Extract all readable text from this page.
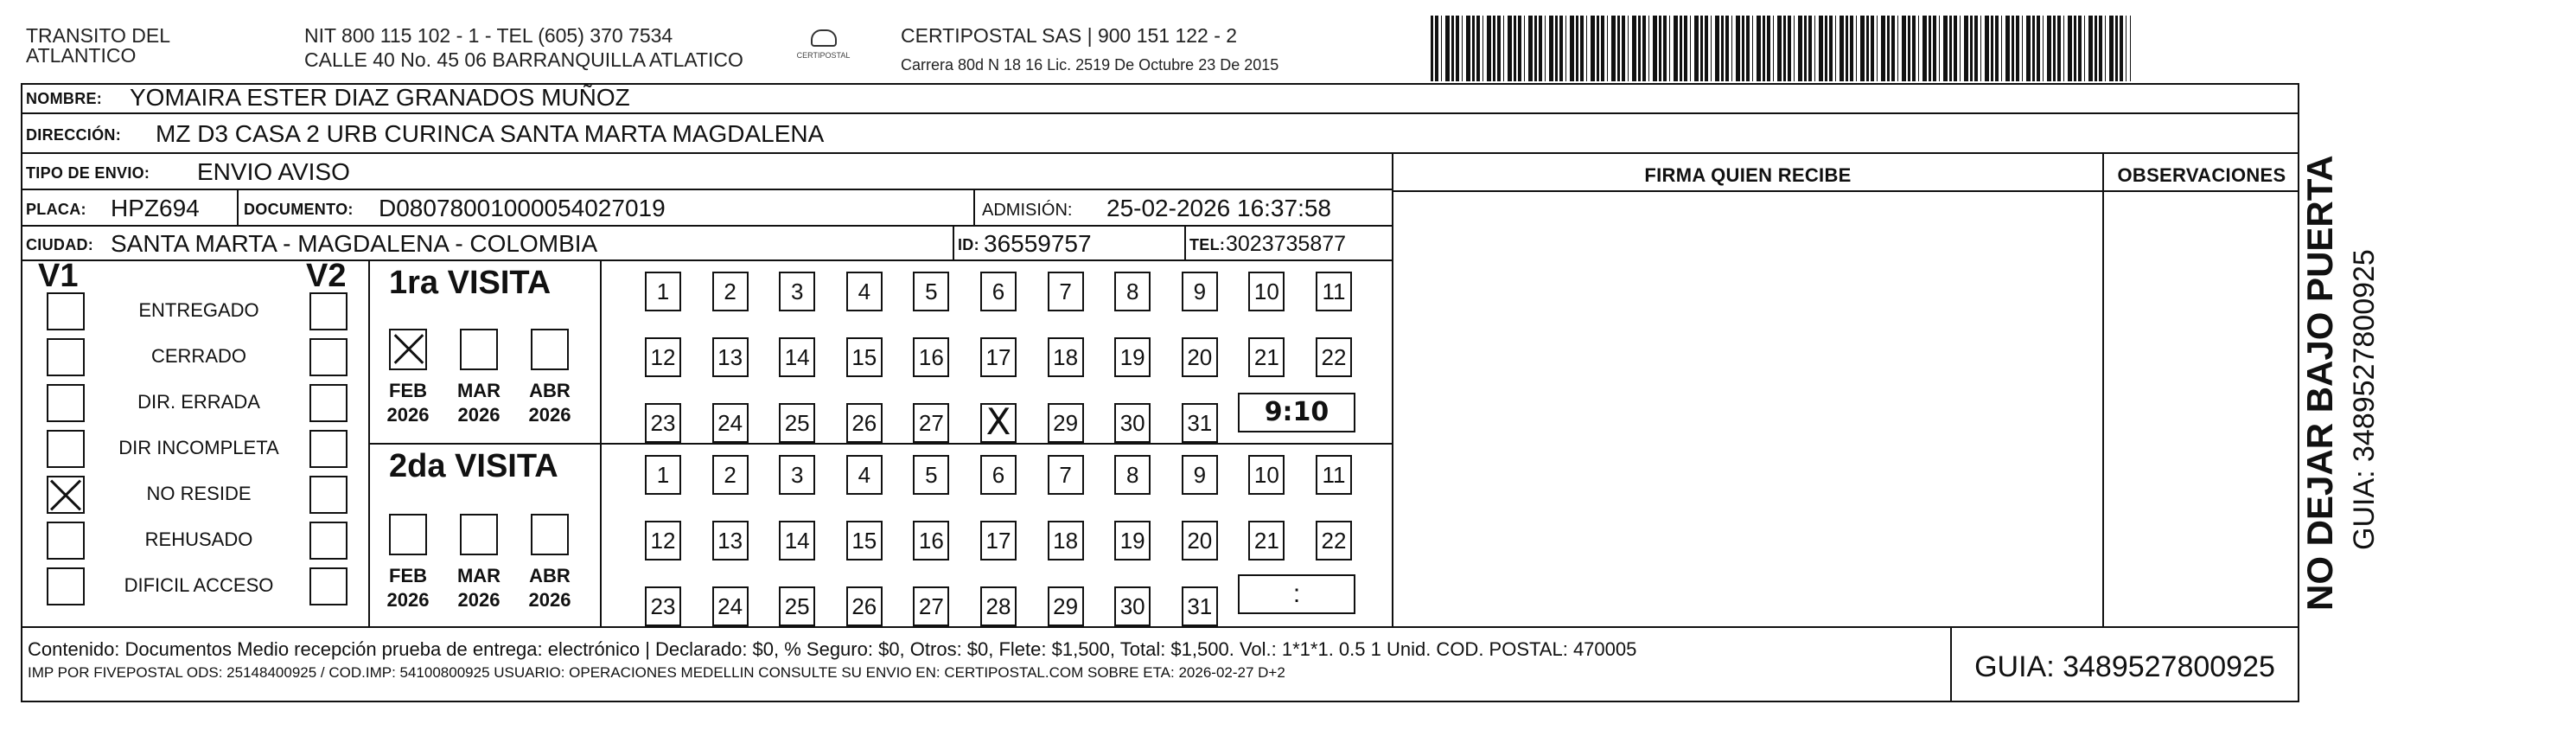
TRANSITO DEL
ATLANTICO
NIT 800 115 102 - 1 - TEL (605) 370 7534
CALLE 40 No. 45 06 BARRANQUILLA ATLATICO	CERTIPOSTAL
CERTIPOSTAL SAS | 900 151 122 - 2
Carrera 80d N 18 16 Lic. 2519 De Octubre 23 De 2015
NOMBRE: YOMAIRA ESTER DIAZ GRANADOS MUÑOZ
DIRECCIÓN: MZ D3 CASA 2 URB CURINCA SANTA MARTA MAGDALENA
TIPO DE ENVIO: ENVIO AVISO	FIRMA QUIEN RECIBE	OBSERVACIONES
PLACA: HPZ694	DOCUMENTO: D08078001000054027019	ADMISIÓN: 25-02-2026 16:37:58
CIUDAD: SANTA MARTA - MAGDALENA - COLOMBIA	ID: 36559757	TEL: 3023735877
V1	V2
ENTREGADO
CERRADO
DIR. ERRADA
DIR INCOMPLETA
NO RESIDE
REHUSADO
DIFICIL ACCESO
1ra VISITA
2da VISITA
FEB
2026
MAR
2026
ABR
2026
FEB
2026
MAR
2026
ABR
2026
1	2	3	4	5	6	7	8	9	10 11
12 13 14 15 16 17 18 19 20 21 22
23 24 25 26 27
X	29 30 31
1	2	3	4	5	6	7	8	9	10 11
12 13 14 15 16 17 18 19 20 21 22
23 24 25 26 27 28 29 30 31
9:10
:
Contenido: Documentos Medio recepción prueba de entrega: electrónico | Declarado: $0, % Seguro: $0, Otros: $0, Flete: $1,500, Total: $1,500. Vol.: 1*1*1. 0.5 1 Unid. COD. POSTAL: 470005
IMP POR FIVEPOSTAL ODS: 25148400925 / COD.IMP: 54100800925 USUARIO: OPERACIONES MEDELLIN CONSULTE SU ENVIO EN: CERTIPOSTAL.COM SOBRE ETA: 2026-02-27 D+2	GUIA: 3489527800925
NO DEJAR BAJO PUERTA GUIA: 3489527800925
